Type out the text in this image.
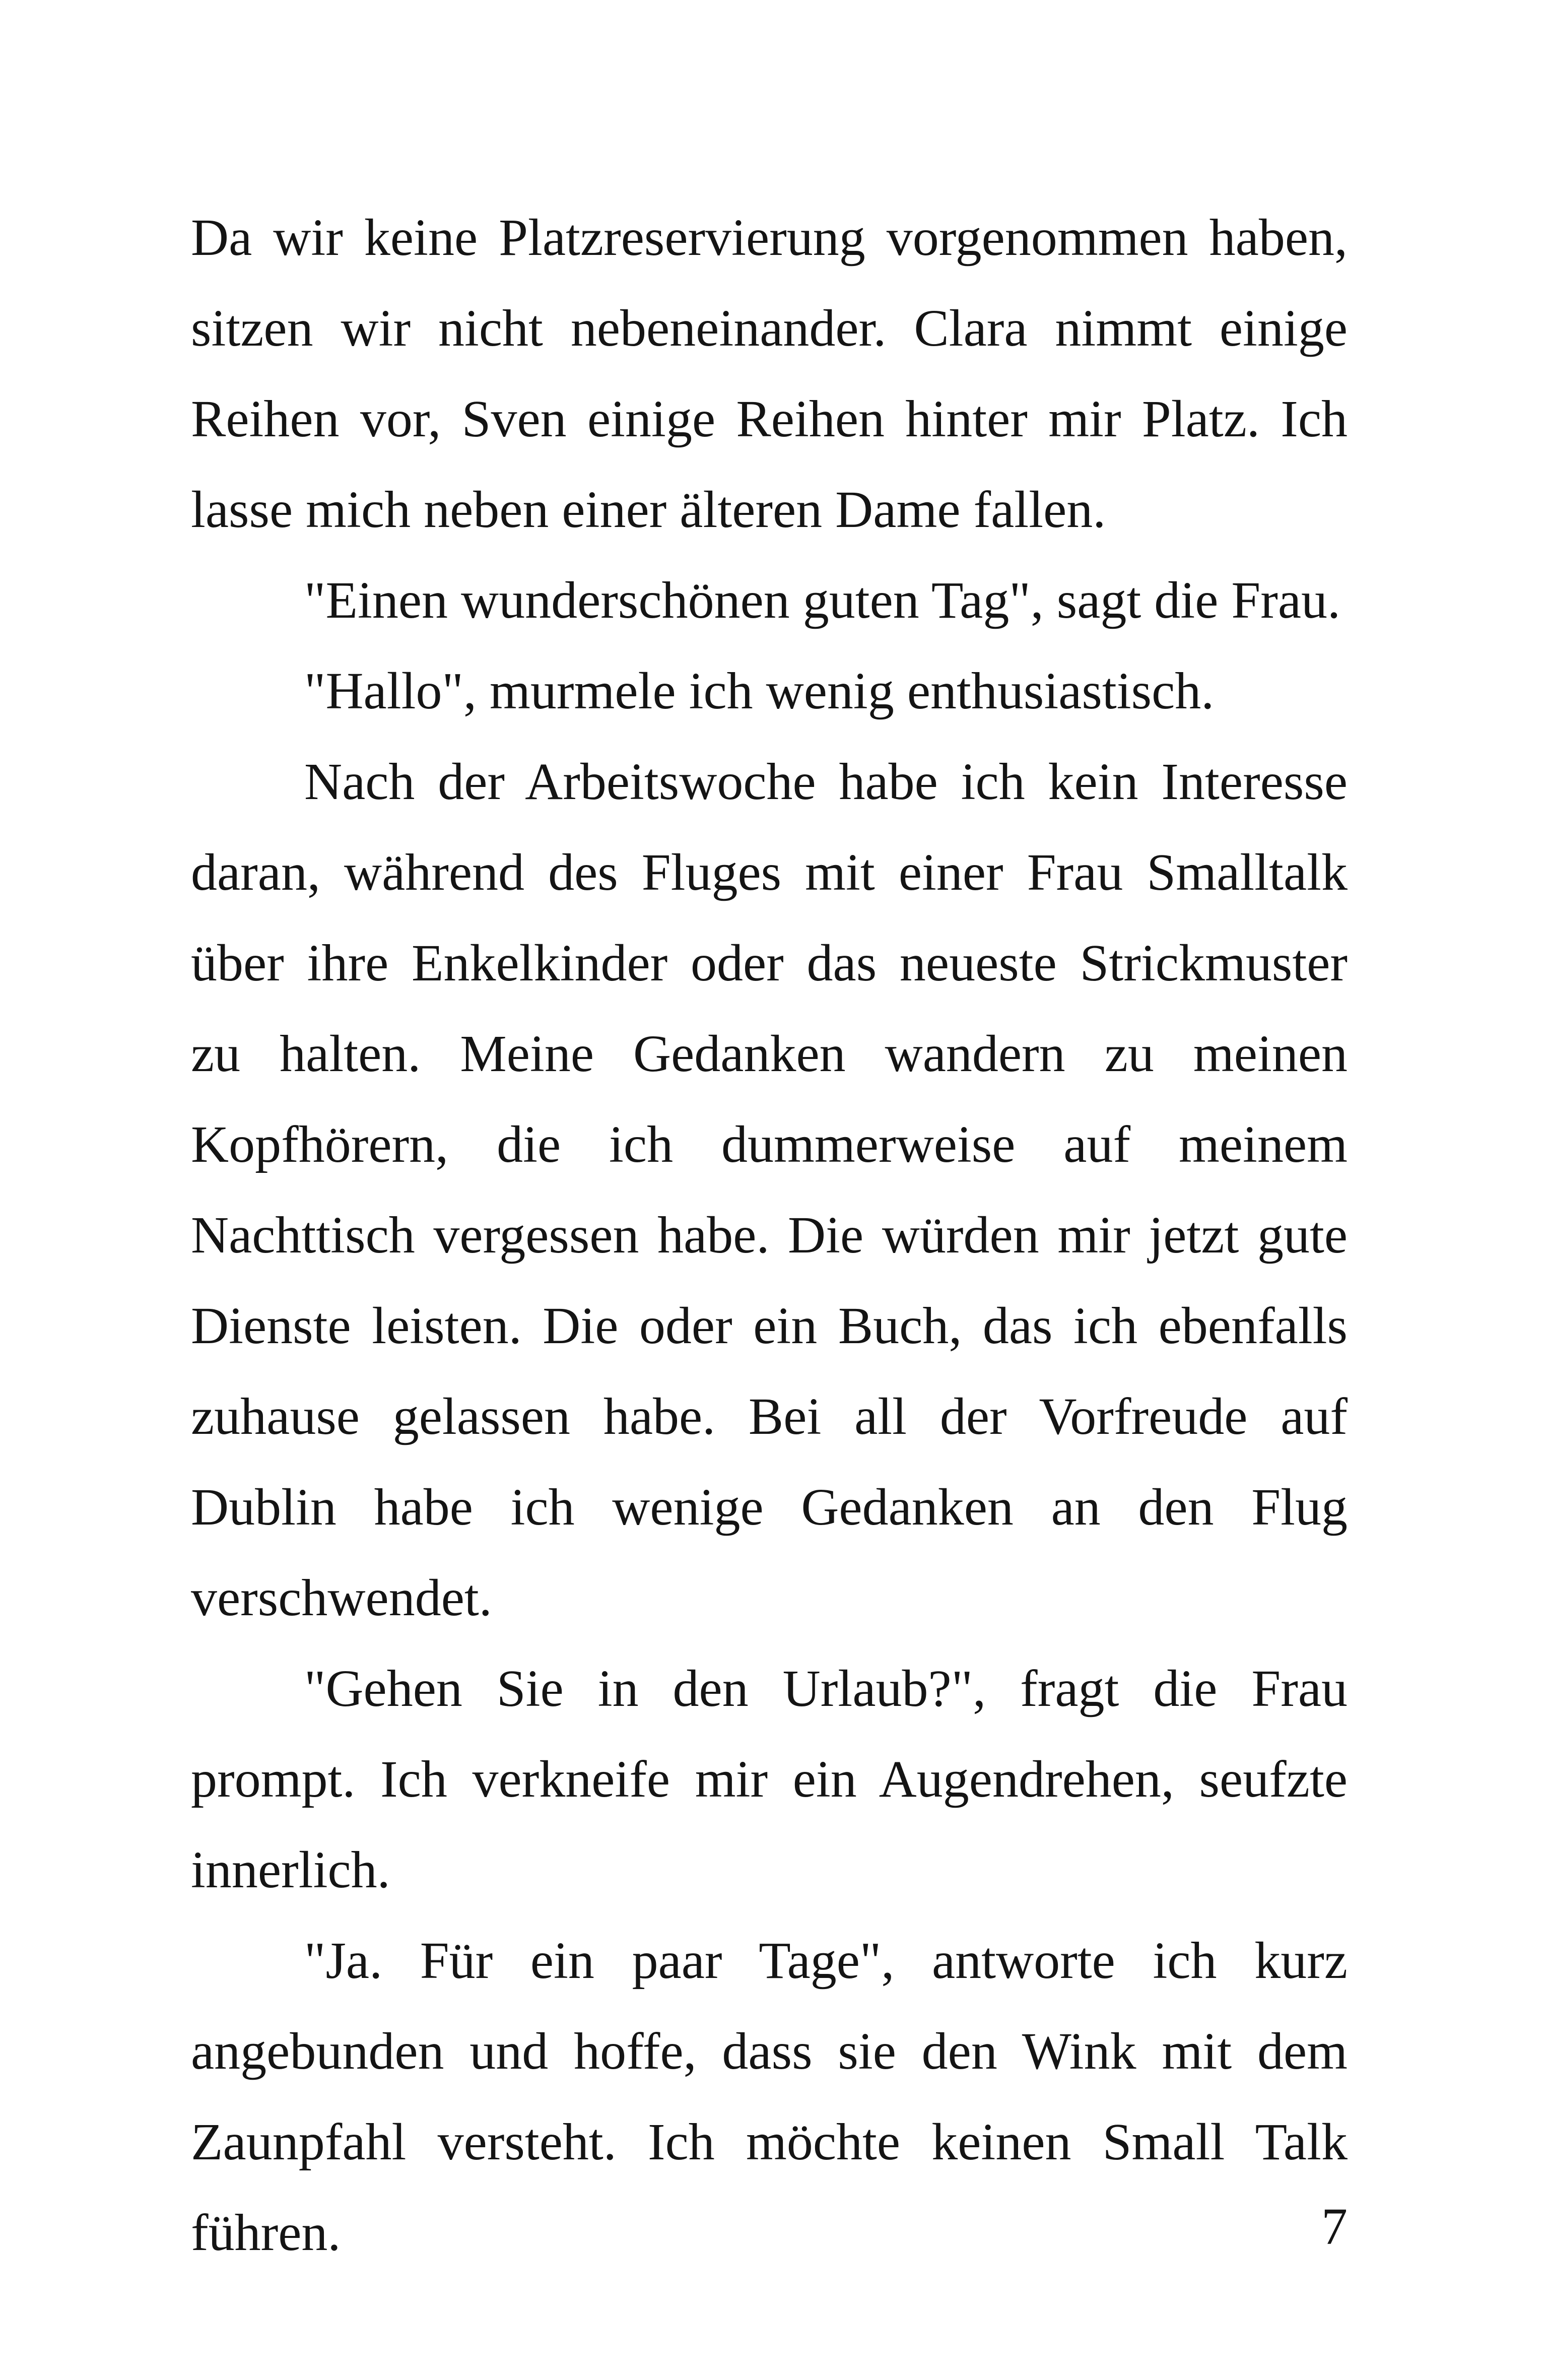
Da wir keine Platzreservierung vorgenommen haben, sitzen wir nicht nebeneinander. Clara nimmt einige Reihen vor, Sven einige Reihen hinter mir Platz. Ich lasse mich neben einer älteren Dame fallen.

"Einen wunderschönen guten Tag", sagt die Frau.

"Hallo", murmele ich wenig enthusiastisch.

Nach der Arbeitswoche habe ich kein Interesse daran, während des Fluges mit einer Frau Smalltalk über ihre Enkelkinder oder das neueste Strickmuster zu halten. Meine Gedanken wandern zu meinen Kopfhörern, die ich dummerweise auf meinem Nachttisch vergessen habe. Die würden mir jetzt gute Dienste leisten. Die oder ein Buch, das ich ebenfalls zuhause gelassen habe. Bei all der Vorfreude auf Dublin habe ich wenige Gedanken an den Flug verschwendet.

"Gehen Sie in den Urlaub?", fragt die Frau prompt. Ich verkneife mir ein Augendrehen, seufzte innerlich.

"Ja. Für ein paar Tage", antworte ich kurz angebunden und hoffe, dass sie den Wink mit dem Zaunpfahl versteht. Ich möchte keinen Small Talk führen.	7
